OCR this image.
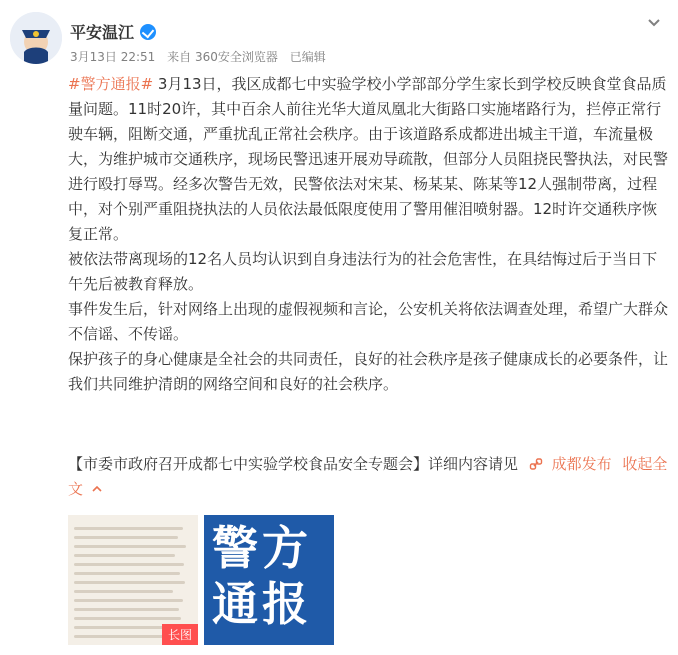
平安温江
3月13日 22:51 来自 360安全浏览器 已编辑

#警方通报# 3月13日，我区成都七中实验学校小学部部分学生家长到学校反映食堂食品质量问题。11时20许，其中百余人前往光华大道凤凰北大街路口实施堵路行为，拦停正常行驶车辆，阻断交通，严重扰乱正常社会秩序。由于该道路系成都进出城主干道，车流量极大，为维护城市交通秩序，现场民警迅速开展劝导疏散，但部分人员阻挠民警执法，对民警进行殴打辱骂。经多次警告无效，民警依法对宋某、杨某某、陈某等12人强制带离，过程中，对个别严重阻挠执法的人员依法最低限度使用了警用催泪喷射器。12时许交通秩序恢复正常。

被依法带离现场的12名人员均认识到自身违法行为的社会危害性，在具结悔过后于当日下午先后被教育释放。

事件发生后，针对网络上出现的虚假视频和言论，公安机关将依法调查处理，希望广大群众不信谣、不传谣。

保护孩子的身心健康是全社会的共同责任，良好的社会秩序是孩子健康成长的必要条件，让我们共同维护清朗的网络空间和良好的社会秩序。

【市委市政府召开成都七中实验学校食品安全专题会】详细内容请见 成都发布 收起全文
长图
警方
通报
